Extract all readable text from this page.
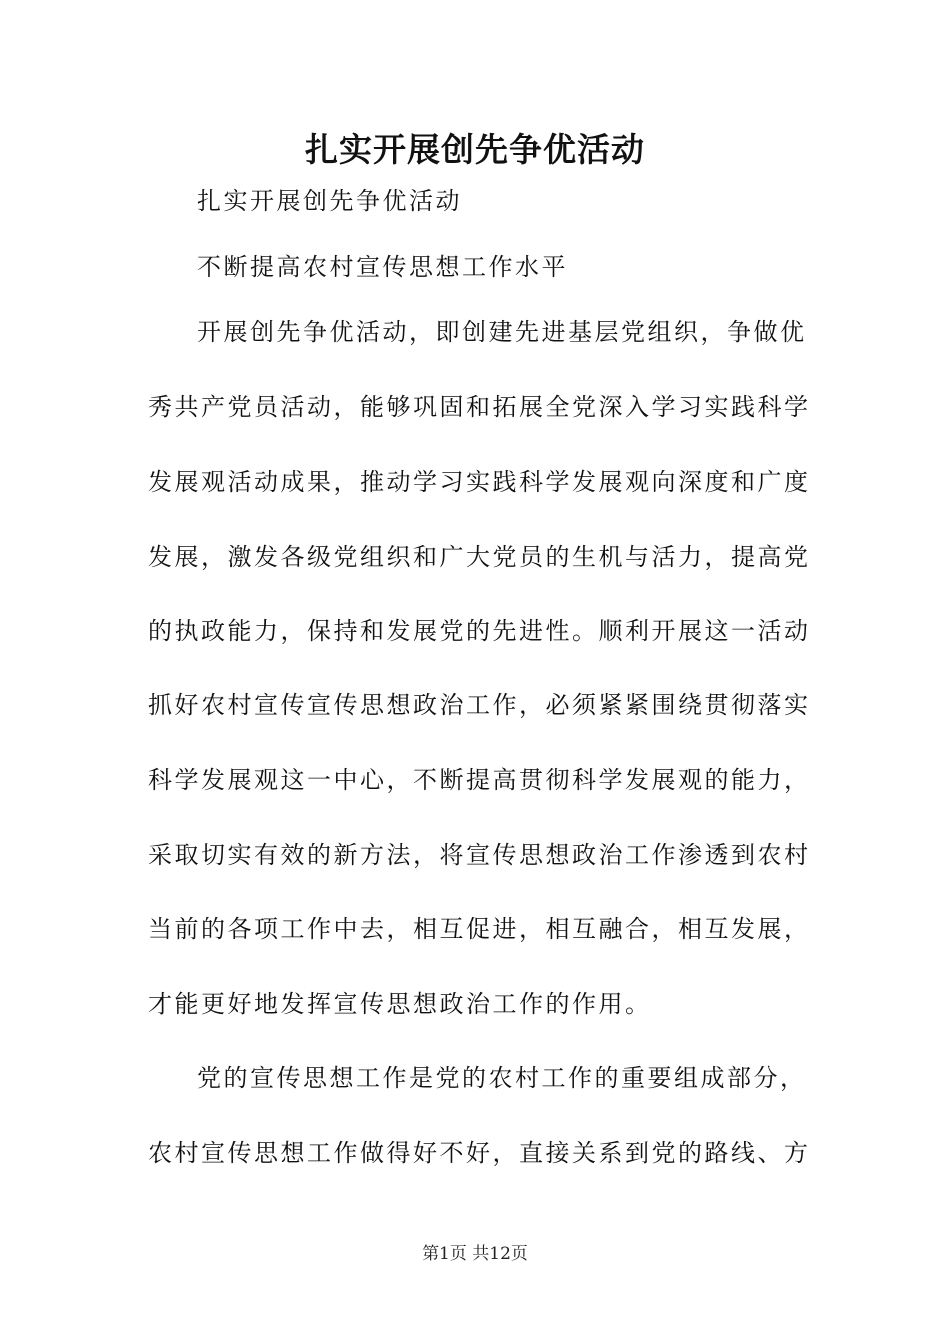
扎实开展创先争优活动
扎实开展创先争优活动
不断提高农村宣传思想工作水平
开展创先争优活动，即创建先进基层党组织，争做优
秀共产党员活动，能够巩固和拓展全党深入学习实践科学
发展观活动成果，推动学习实践科学发展观向深度和广度
发展，激发各级党组织和广大党员的生机与活力，提高党
的执政能力，保持和发展党的先进性。顺利开展这一活动
抓好农村宣传宣传思想政治工作，必须紧紧围绕贯彻落实
科学发展观这一中心，不断提高贯彻科学发展观的能力，
采取切实有效的新方法，将宣传思想政治工作渗透到农村
当前的各项工作中去，相互促进，相互融合，相互发展，
才能更好地发挥宣传思想政治工作的作用。
党的宣传思想工作是党的农村工作的重要组成部分，
农村宣传思想工作做得好不好，直接关系到党的路线、方
第1页 共12页
